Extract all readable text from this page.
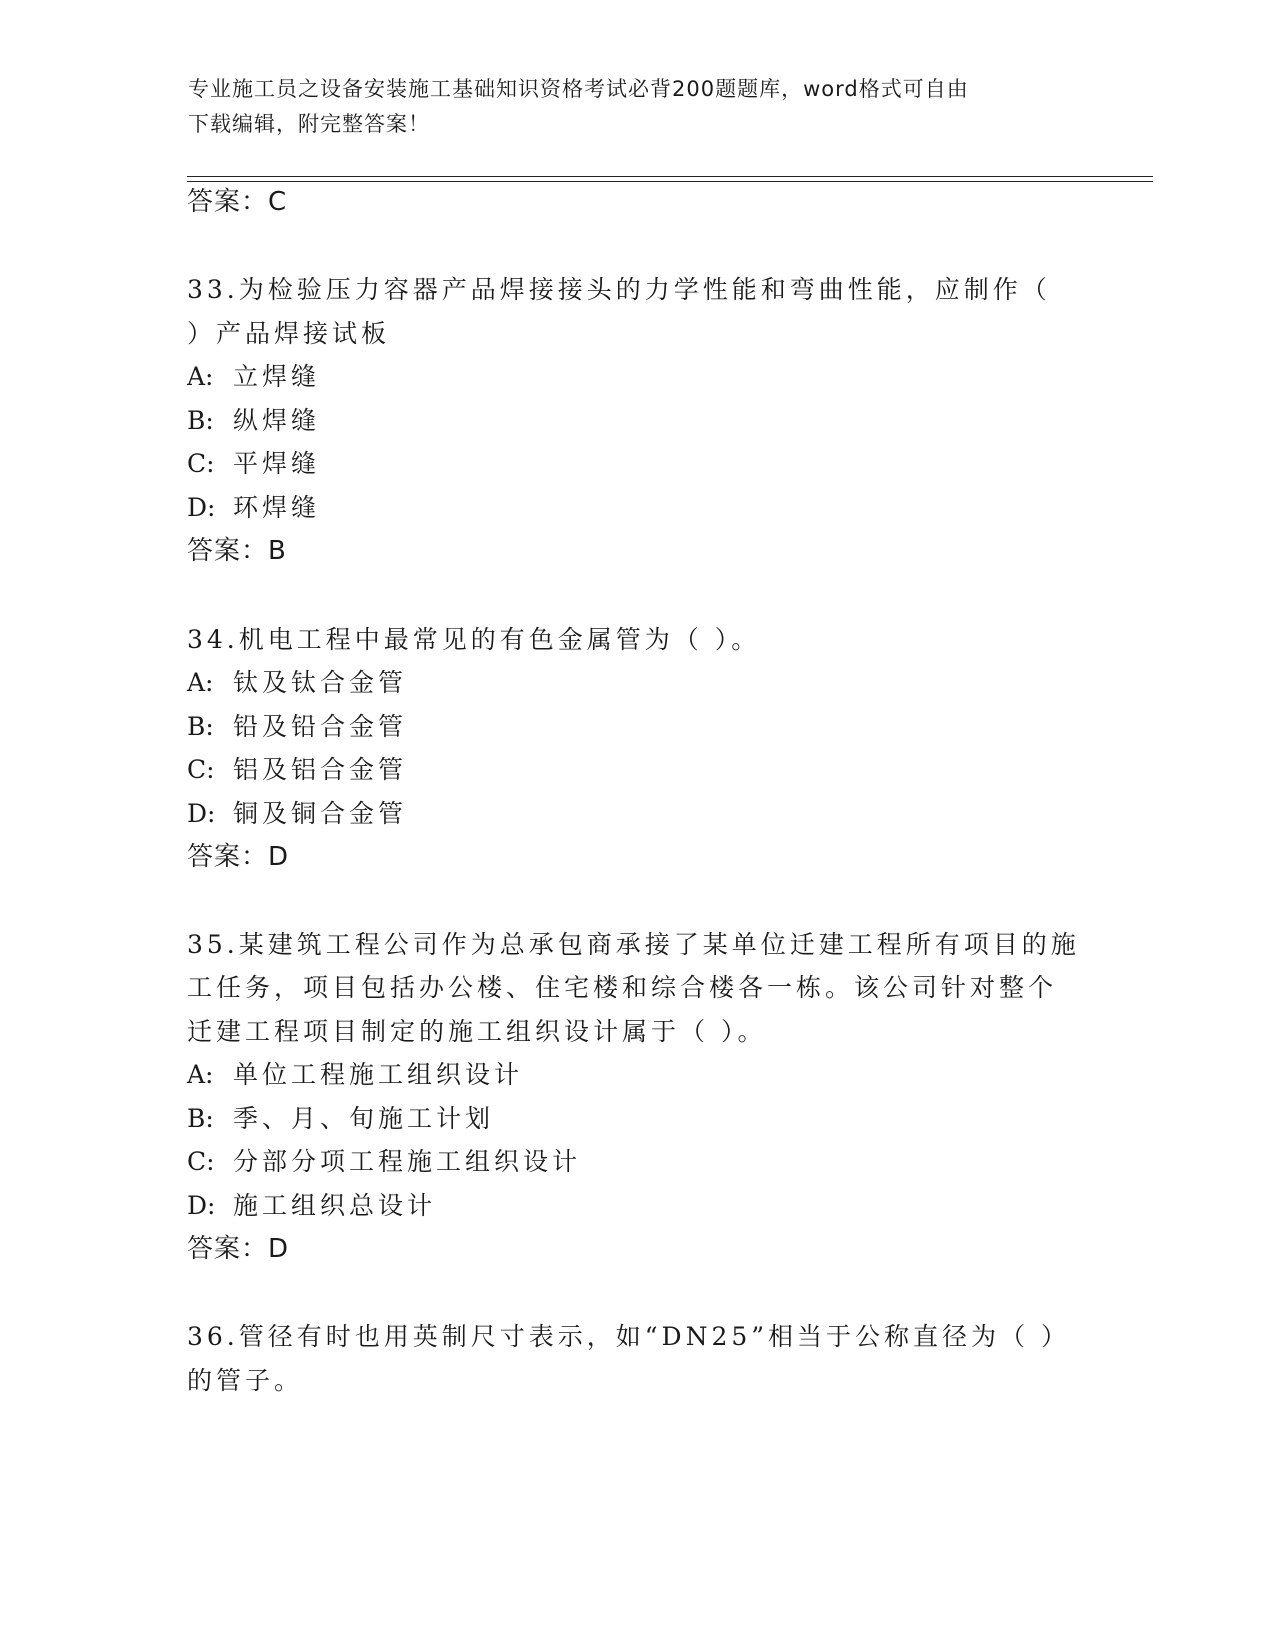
专业施工员之设备安装施工基础知识资格考试必背200题题库，word格式可自由
下载编辑，附完整答案！
答案：C
33.为检验压力容器产品焊接接头的力学性能和弯曲性能，应制作（
）产品焊接试板
A: 立焊缝
B: 纵焊缝
C: 平焊缝
D: 环焊缝
答案：B
34.机电工程中最常见的有色金属管为（ ）。
A: 钛及钛合金管
B: 铅及铅合金管
C: 铝及铝合金管
D: 铜及铜合金管
答案：D
35.某建筑工程公司作为总承包商承接了某单位迁建工程所有项目的施
工任务，项目包括办公楼、住宅楼和综合楼各一栋。该公司针对整个
迁建工程项目制定的施工组织设计属于（ ）。
A: 单位工程施工组织设计
B: 季、月、旬施工计划
C: 分部分项工程施工组织设计
D: 施工组织总设计
答案：D
36.管径有时也用英制尺寸表示，如“DN25”相当于公称直径为（ ）
的管子。
